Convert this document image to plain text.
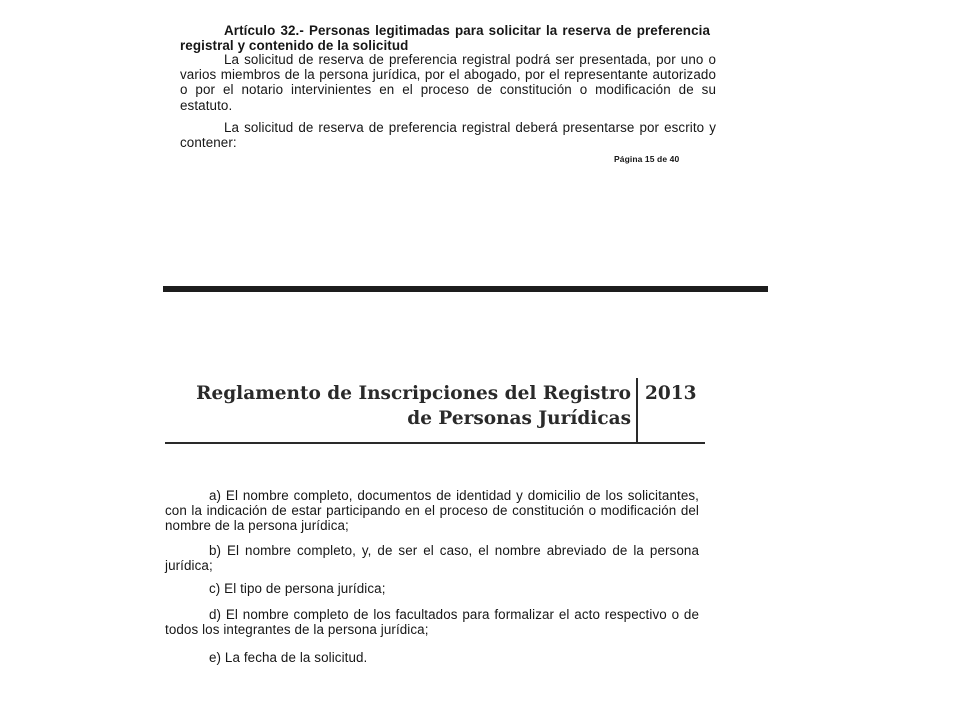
Artículo 32.- Personas legitimadas para solicitar la reserva de preferencia registral y contenido de la solicitud
La solicitud de reserva de preferencia registral podrá ser presentada, por uno o varios miembros de la persona jurídica, por el abogado, por el representante autorizado o por el notario intervinientes en el proceso de constitución o modificación de su estatuto.
La solicitud de reserva de preferencia registral deberá presentarse por escrito y contener:
Página 15 de 40
Reglamento de Inscripciones del Registro de Personas Jurídicas
2013
a) El nombre completo, documentos de identidad y domicilio de los solicitantes, con la indicación de estar participando en el proceso de constitución o modificación del nombre de la persona jurídica;
b) El nombre completo, y, de ser el caso, el nombre abreviado de la persona jurídica;
c) El tipo de persona jurídica;
d) El nombre completo de los facultados para formalizar el acto respectivo o de todos los integrantes de la persona jurídica;
e) La fecha de la solicitud.
